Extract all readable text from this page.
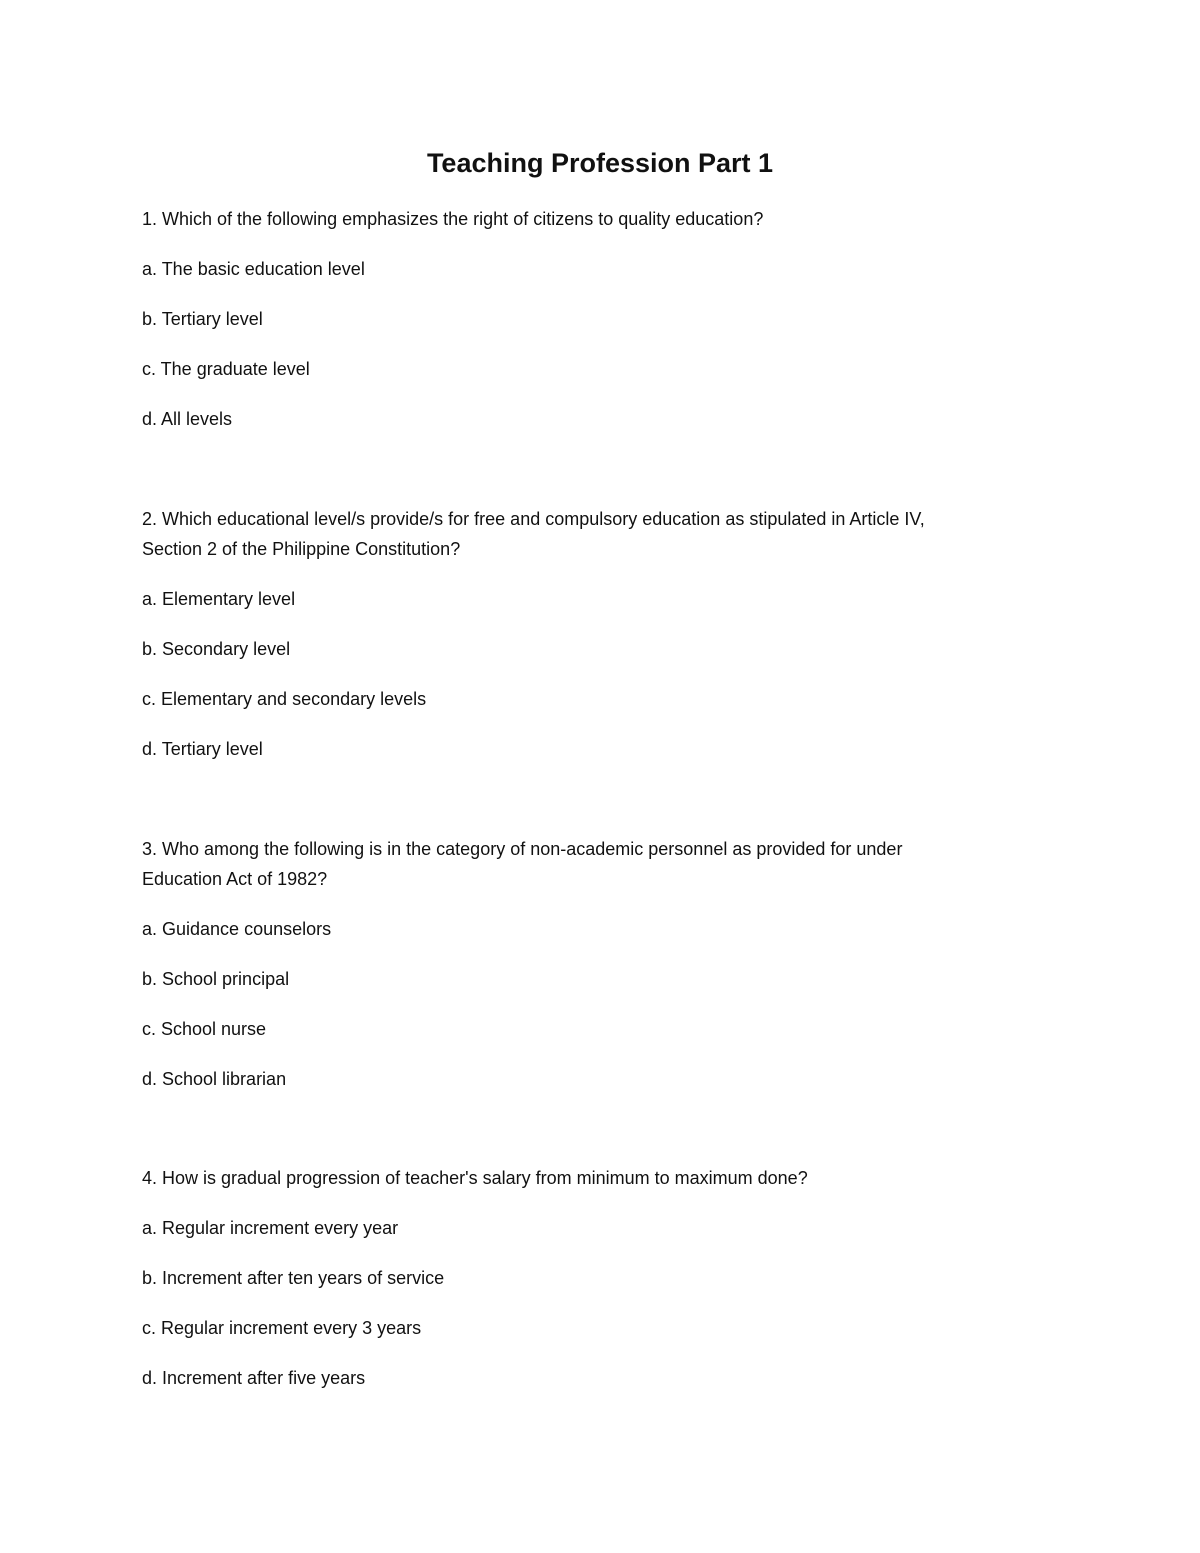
Teaching Profession Part 1

1. Which of the following emphasizes the right of citizens to quality education?

a. The basic education level

b. Tertiary level

c. The graduate level

d. All levels

2. Which educational level/s provide/s for free and compulsory education as stipulated in Article IV,

Section 2 of the Philippine Constitution?

a. Elementary level

b. Secondary level

c. Elementary and secondary levels

d. Tertiary level

3. Who among the following is in the category of non-academic personnel as provided for under

Education Act of 1982?

a. Guidance counselors

b. School principal

c. School nurse

d. School librarian

4. How is gradual progression of teacher's salary from minimum to maximum done?

a. Regular increment every year

b. Increment after ten years of service

c. Regular increment every 3 years

d. Increment after five years
